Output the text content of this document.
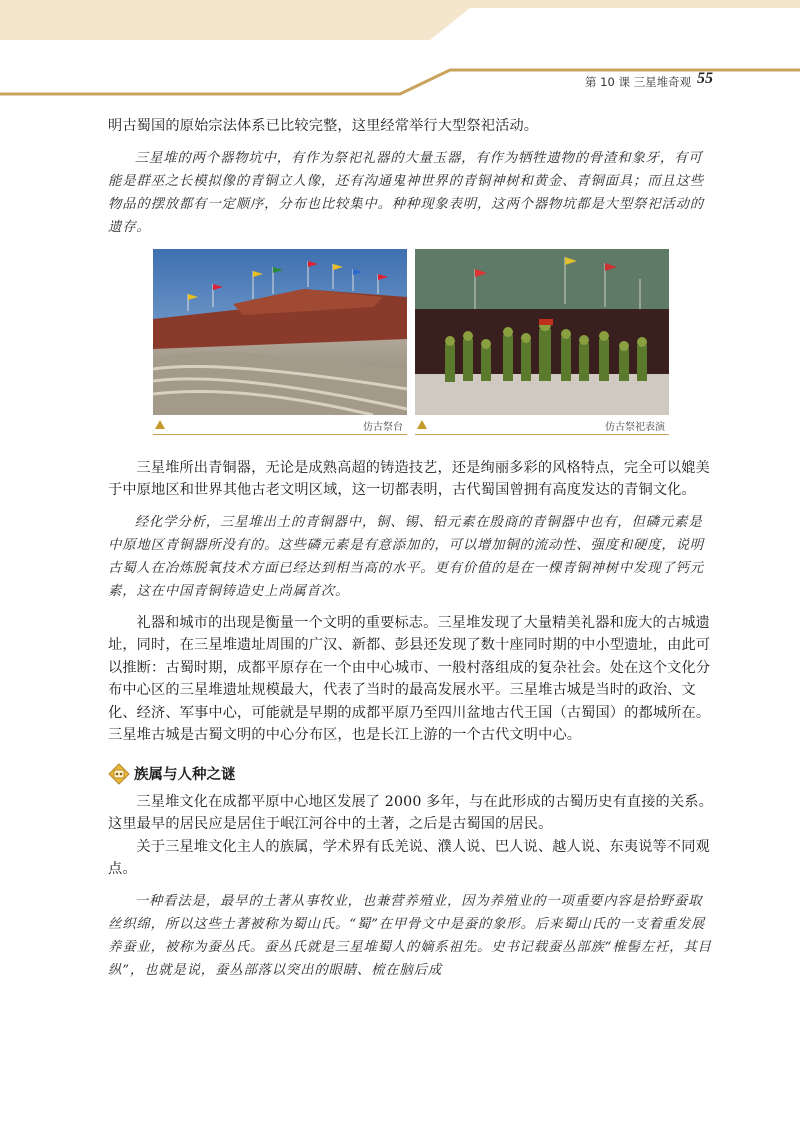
第 10 课 三星堆奇观 55

明古蜀国的原始宗法体系已比较完整，这里经常举行大型祭祀活动。

三星堆的两个器物坑中，有作为祭祀礼器的大量玉器，有作为牺牲遗物的骨渣和象牙，有可能是群巫之长模拟像的青铜立人像，还有沟通鬼神世界的青铜神树和黄金、青铜面具；而且这些物品的摆放都有一定顺序，分布也比较集中。种种现象表明，这两个器物坑都是大型祭祀活动的遗存。

仿古祭台	仿古祭祀表演

三星堆所出青铜器，无论是成熟高超的铸造技艺，还是绚丽多彩的风格特点，完全可以媲美于中原地区和世界其他古老文明区域，这一切都表明，古代蜀国曾拥有高度发达的青铜文化。

经化学分析，三星堆出土的青铜器中，铜、锡、铅元素在殷商的青铜器中也有，但磷元素是中原地区青铜器所没有的。这些磷元素是有意添加的，可以增加铜的流动性、强度和硬度，说明古蜀人在冶炼脱氧技术方面已经达到相当高的水平。更有价值的是在一棵青铜神树中发现了钙元素，这在中国青铜铸造史上尚属首次。

礼器和城市的出现是衡量一个文明的重要标志。三星堆发现了大量精美礼器和庞大的古城遗址，同时，在三星堆遗址周围的广汉、新都、彭县还发现了数十座同时期的中小型遗址，由此可以推断：古蜀时期，成都平原存在一个由中心城市、一般村落组成的复杂社会。处在这个文化分布中心区的三星堆遗址规模最大，代表了当时的最高发展水平。三星堆古城是当时的政治、文化、经济、军事中心，可能就是早期的成都平原乃至四川盆地古代王国（古蜀国）的都城所在。三星堆古城是古蜀文明的中心分布区，也是长江上游的一个古代文明中心。

族属与人种之谜

三星堆文化在成都平原中心地区发展了 2000 多年，与在此形成的古蜀历史有直接的关系。这里最早的居民应是居住于岷江河谷中的土著，之后是古蜀国的居民。

关于三星堆文化主人的族属，学术界有氐羌说、濮人说、巴人说、越人说、东夷说等不同观点。

一种看法是，最早的土著从事牧业，也兼营养殖业，因为养殖业的一项重要内容是拾野蚕取丝织绵，所以这些土著被称为蜀山氏。“蜀”在甲骨文中是蚕的象形。后来蜀山氏的一支着重发展养蚕业，被称为蚕丛氏。蚕丛氏就是三星堆蜀人的嫡系祖先。史书记载蚕丛部族“椎髻左衽，其目纵”，也就是说，蚕丛部落以突出的眼睛、梳在脑后成
